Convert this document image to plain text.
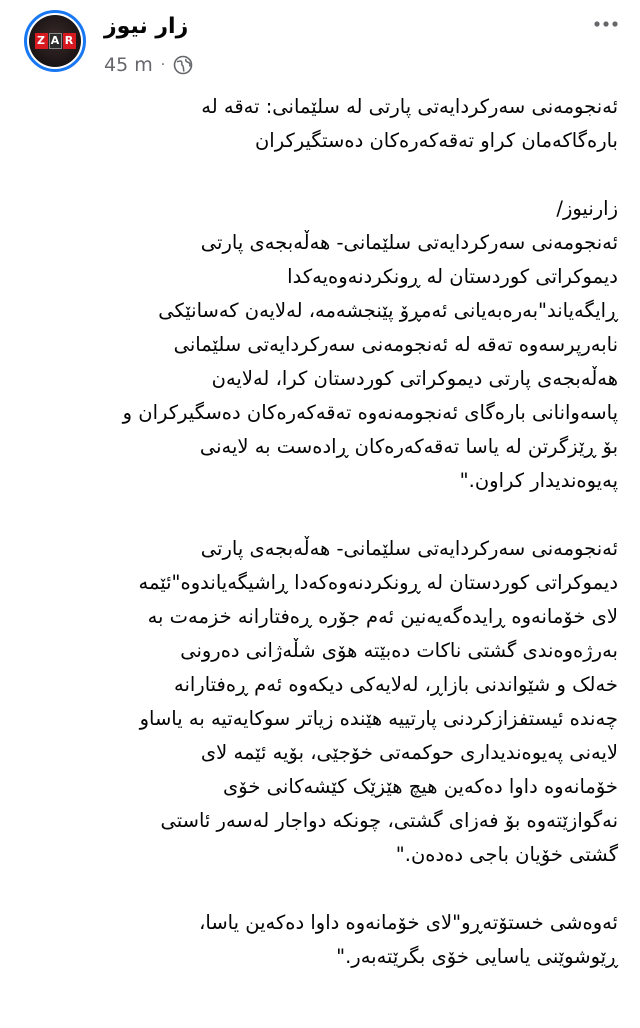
Z A R
زار نیوز
45 m ·

ئەنجومەنی سەرکردایەتی پارتی لە سلێمانی: تەقە لە
بارەگاکەمان کراو تەقەکەرەکان دەستگیرکران

زارنیوز/
ئەنجومەنی سەرکردایەتی سلێمانی- هەڵەبجەی پارتی
دیموکراتی کوردستان لە ڕونکردنەوەیەکدا
ڕایگەیاند"بەرەبەیانی ئەمڕۆ پێنجشەمە، لەلایەن کەسانێکی
نابەرپرسەوە تەقە لە ئەنجومەنی سەرکردایەتی سلێمانی
هەڵەبجەی پارتی دیموکراتی کوردستان کرا، لەلایەن
پاسەوانانی بارەگای ئەنجومەنەوە تەقەکەرەکان دەسگیرکران و
بۆ ڕێزگرتن لە یاسا تەقەکەرەکان ڕادەست بە لایەنی
پەیوەندیدار کراون."

ئەنجومەنی سەرکردایەتی سلێمانی- هەڵەبجەی پارتی
دیموکراتی کوردستان لە ڕونکردنەوەکەدا ڕاشیگەیاندوە"ئێمە
لای خۆمانەوە ڕایدەگەیەنین ئەم جۆرە ڕەفتارانە خزمەت بە
بەرژەوەندی گشتی ناکات دەبێتە هۆی شڵەژانی دەرونی
خەلک و شێواندنی بازاڕ، لەلایەکی دیکەوە ئەم ڕەفتارانە
چەندە ئیستفزازکردنی پارتییە هێندە زیاتر سوکایەتیە بە یاساو
لایەنی پەیوەندیداری حوکمەتی خۆجێی، بۆیە ئێمە لای
خۆمانەوە داوا دەکەین هیچ هێزێک کێشەکانی خۆی
نەگوازێتەوە بۆ فەزای گشتی، چونکە دواجار لەسەر ئاستی
گشتی خۆیان باجی دەدەن."

ئەوەشی خستۆتەڕو"لای خۆمانەوە داوا دەکەین یاسا،
ڕێوشوێنی یاسایی خۆی بگرێتەبەر."
